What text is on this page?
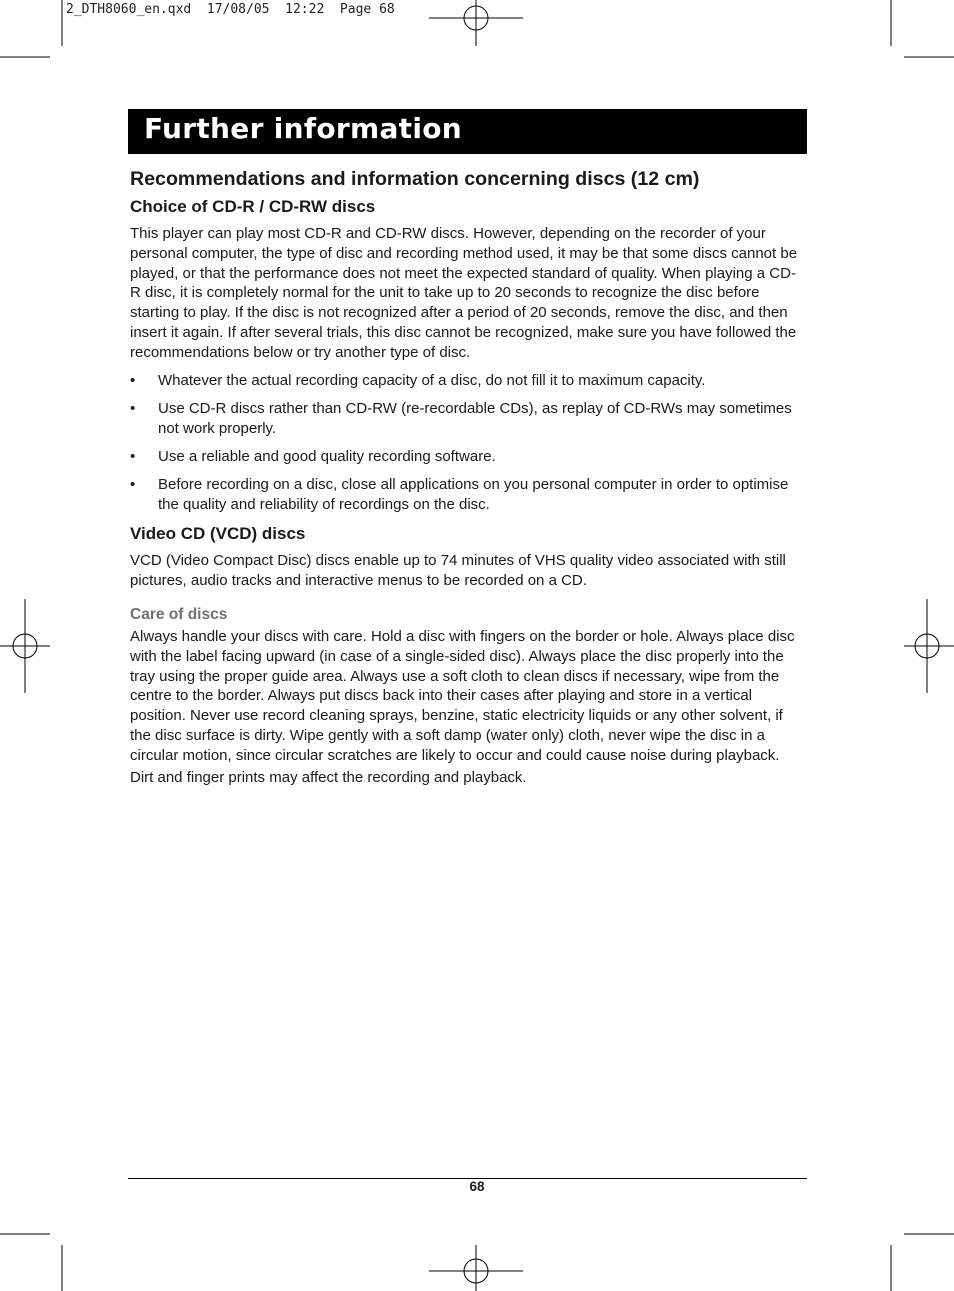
2_DTH8060_en.qxd  17/08/05  12:22  Page 68
Further information
Recommendations and information concerning discs (12 cm)
Choice of CD-R / CD-RW discs

This player can play most CD-R and CD-RW discs. However, depending on the recorder of your personal computer, the type of disc and recording method used, it may be that some discs cannot be played, or that the performance does not meet the expected standard of quality. When playing a CD-R disc, it is completely normal for the unit to take up to 20 seconds to recognize the disc before starting to play. If the disc is not recognized after a period of 20 seconds, remove the disc, and then insert it again. If after several trials, this disc cannot be recognized, make sure you have followed the recommendations below or try another type of disc.

• Whatever the actual recording capacity of a disc, do not fill it to maximum capacity.
• Use CD-R discs rather than CD-RW (re-recordable CDs), as replay of CD-RWs may sometimes not work properly.
• Use a reliable and good quality recording software.
• Before recording on a disc, close all applications on you personal computer in order to optimise the quality and reliability of recordings on the disc.
Video CD (VCD) discs

VCD (Video Compact Disc) discs enable up to 74 minutes of VHS quality video associated with still pictures, audio tracks and interactive menus to be recorded on a CD.

Care of discs

Always handle your discs with care. Hold a disc with fingers on the border or hole. Always place disc with the label facing upward (in case of a single-sided disc). Always place the disc properly into the tray using the proper guide area. Always use a soft cloth to clean discs if necessary, wipe from the centre to the border. Always put discs back into their cases after playing and store in a vertical position. Never use record cleaning sprays, benzine, static electricity liquids or any other solvent, if the disc surface is dirty. Wipe gently with a soft damp (water only) cloth, never wipe the disc in a circular motion, since circular scratches are likely to occur and could cause noise during playback.

Dirt and finger prints may affect the recording and playback.

68
